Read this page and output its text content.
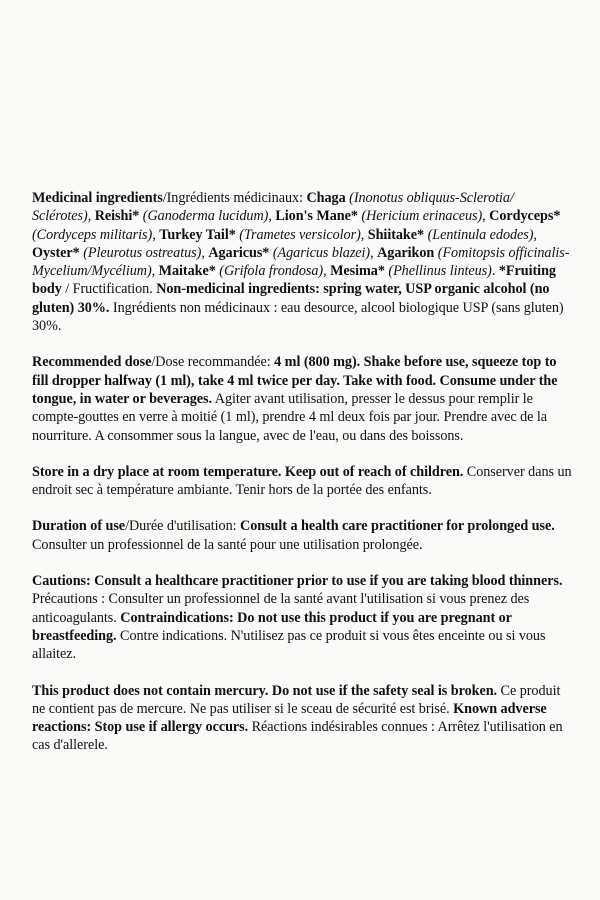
Medicinal ingredients/Ingrédients médicinaux: Chaga (Inonotus obliquus-Sclerotia/ Sclérotes), Reishi* (Ganoderma lucidum), Lion's Mane* (Hericium erinaceus), Cordyceps* (Cordyceps militaris), Turkey Tail* (Trametes versicolor), Shiitake* (Lentinula edodes), Oyster* (Pleurotus ostreatus), Agaricus* (Agaricus blazei), Agarikon (Fomitopsis officinalis-Mycelium/Mycélium), Maitake* (Grifola frondosa), Mesima* (Phellinus linteus). *Fruiting body / Fructification. Non-medicinal ingredients: spring water, USP organic alcohol (no gluten) 30%. Ingrédients non médicinaux : eau desource, alcool biologique USP (sans gluten) 30%.

Recommended dose/Dose recommandée: 4 ml (800 mg). Shake before use, squeeze top to fill dropper halfway (1 ml), take 4 ml twice per day. Take with food. Consume under the tongue, in water or beverages. Agiter avant utilisation, presser le dessus pour remplir le compte-gouttes en verre à moitié (1 ml), prendre 4 ml deux fois par jour. Prendre avec de la nourriture. A consommer sous la langue, avec de l'eau, ou dans des boissons.

Store in a dry place at room temperature. Keep out of reach of children. Conserver dans un endroit sec à température ambiante. Tenir hors de la portée des enfants.

Duration of use/Durée d'utilisation: Consult a health care practitioner for prolonged use. Consulter un professionnel de la santé pour une utilisation prolongée.

Cautions: Consult a healthcare practitioner prior to use if you are taking blood thinners. Précautions : Consulter un professionnel de la santé avant l'utilisation si vous prenez des anticoagulants. Contraindications: Do not use this product if you are pregnant or breastfeeding. Contre indications. N'utilisez pas ce produit si vous êtes enceinte ou si vous allaitez.

This product does not contain mercury. Do not use if the safety seal is broken. Ce produit ne contient pas de mercure. Ne pas utiliser si le sceau de sécurité est brisé. Known adverse reactions: Stop use if allergy occurs. Réactions indésirables connues : Arrêtez l'utilisation en cas d'allerele.
